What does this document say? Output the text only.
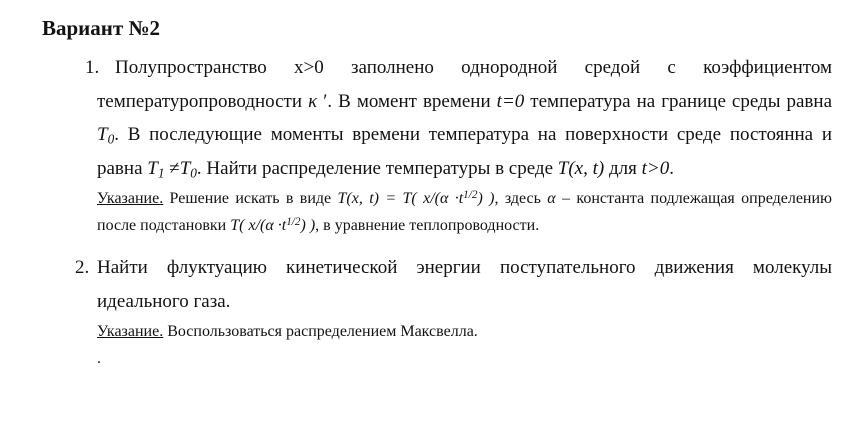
Вариант №2
1. Полупространство x>0 заполнено однородной средой с коэффициентом температуропроводности κ ′. В момент времени t=0 температура на границе среды равна $T_0$. В последующие моменты времени температура на поверхности среде постоянна и равна $T_1 \ne T_0$. Найти распределение температуры в среде T(x, t) для t>0.

Указание. Решение искать в виде T(x, t) = T( $x/(\alpha \cdot t^{1/2})$ ), здесь α – константа подлежащая определению после подстановки T( $x/(\alpha \cdot t^{1/2})$ ), в уравнение теплопроводности.

2. Найти флуктуацию кинетической энергии поступательного движения молекулы идеального газа.

Указание. Воспользоваться распределением Максвелла.

.
